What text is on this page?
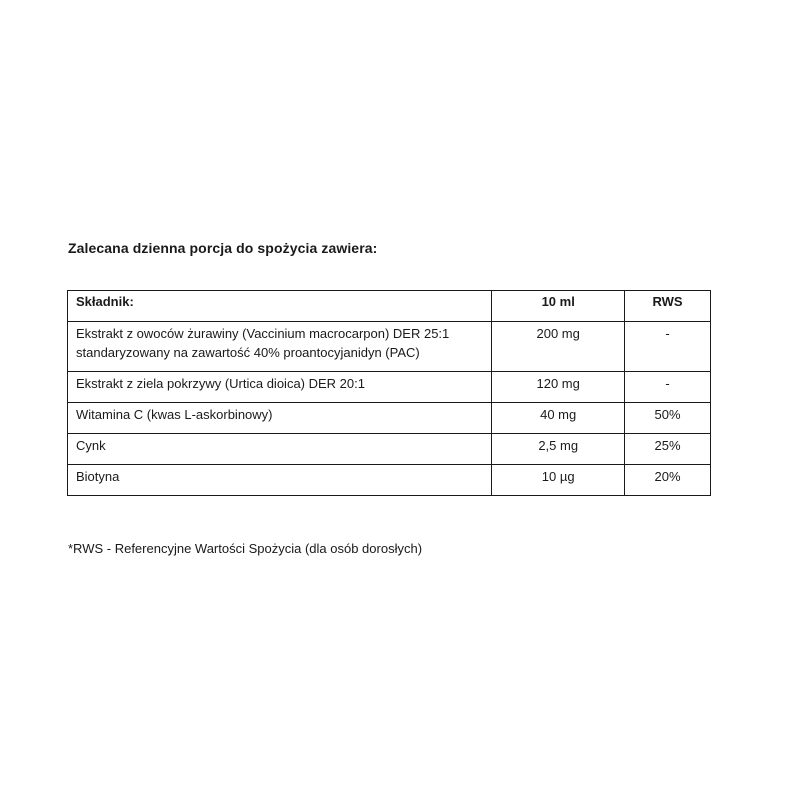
Zalecana dzienna porcja do spożycia zawiera:
Składnik:	10 ml	RWS
Ekstrakt z owoców żurawiny (Vaccinium macrocarpon) DER 25:1 standaryzowany na zawartość 40% proantocyjanidyn (PAC)	200 mg	-
Ekstrakt z ziela pokrzywy (Urtica dioica) DER 20:1	120 mg	-
Witamina C (kwas L-askorbinowy)	40 mg	50%
Cynk	2,5 mg	25%
Biotyna	10 µg	20%
*RWS - Referencyjne Wartości Spożycia (dla osób dorosłych)
